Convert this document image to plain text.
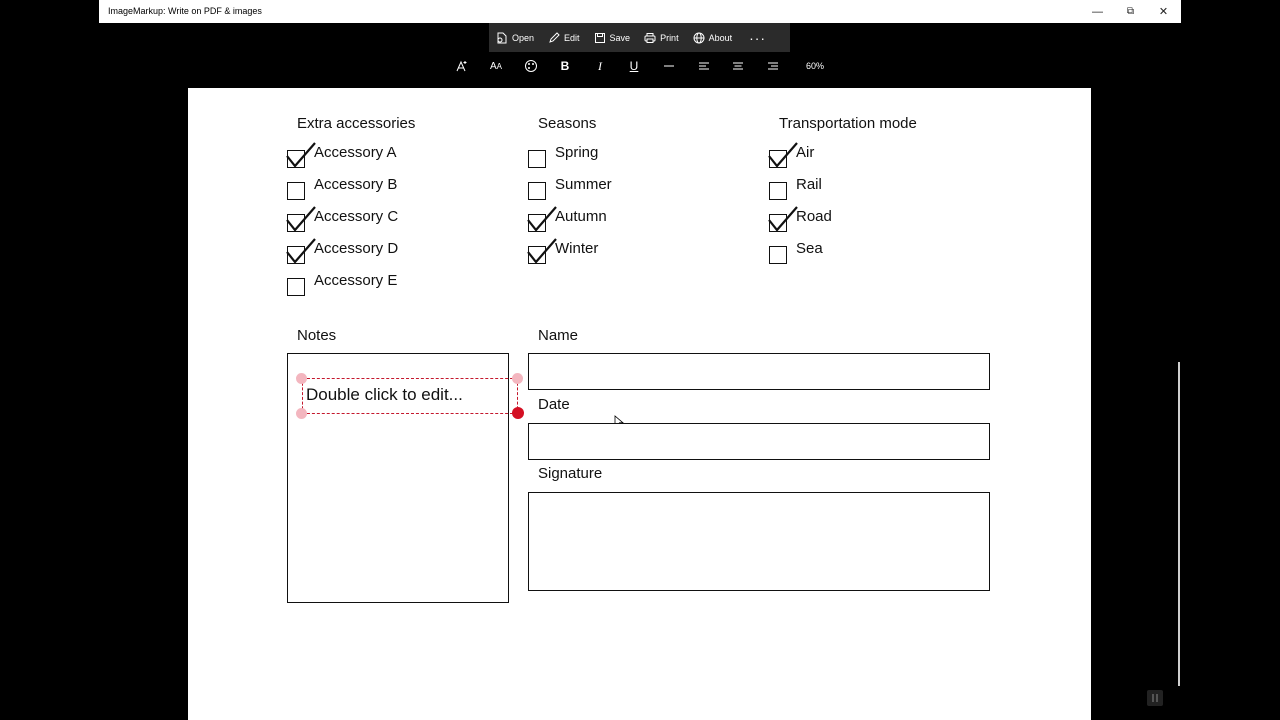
ImageMarkup: Write on PDF & images	—	⧉	✕
Open	Edit	Save	Print	About	···
A A	B	I	U	60%
Extra accessories
Accessory A
Accessory B
Accessory C
Accessory D
Accessory E
Seasons
Spring
Summer
Autumn
Winter
Transportation mode
Air
Rail
Road
Sea
Notes
Double click to edit...
Name
Date
Signature
